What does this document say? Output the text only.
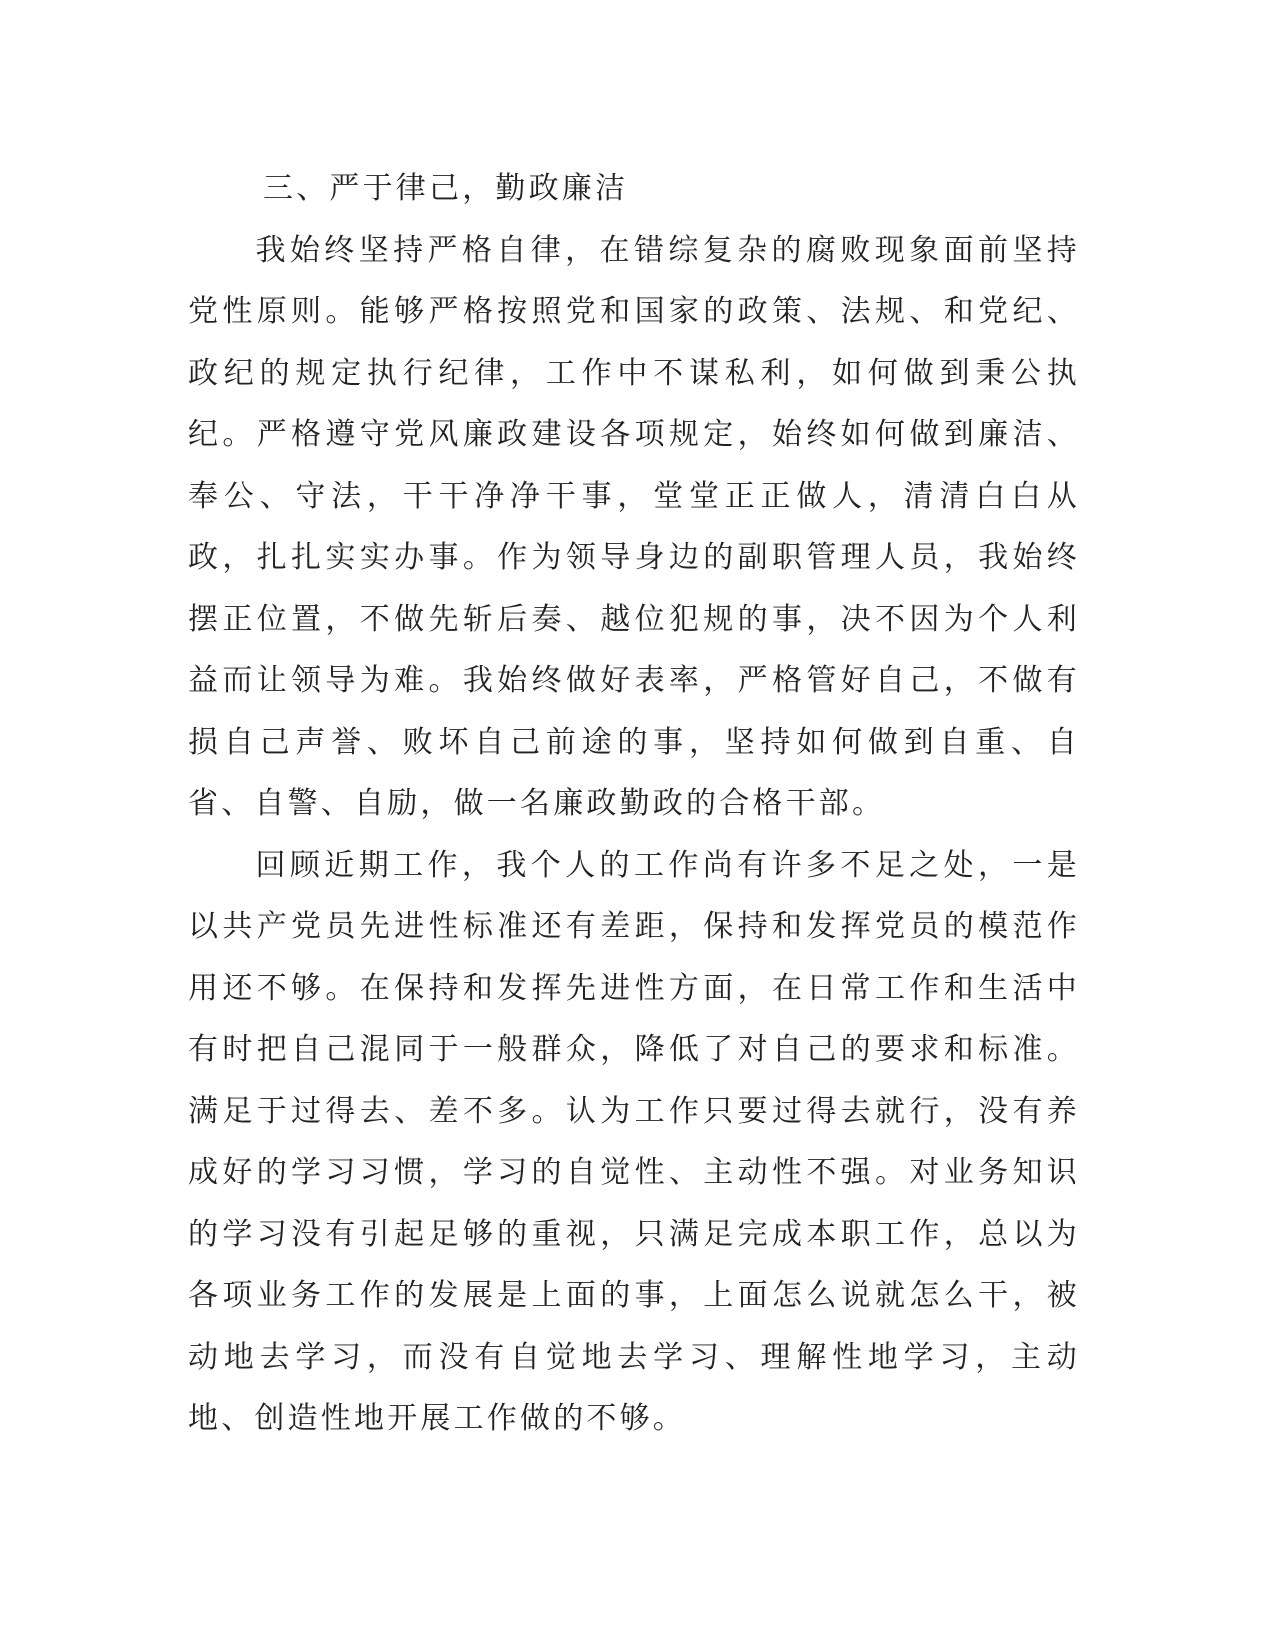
三、严于律己，勤政廉洁

我始终坚持严格自律，在错综复杂的腐败现象面前坚持党性原则。能够严格按照党和国家的政策、法规、和党纪、政纪的规定执行纪律，工作中不谋私利，如何做到秉公执纪。严格遵守党风廉政建设各项规定，始终如何做到廉洁、奉公、守法，干干净净干事，堂堂正正做人，清清白白从政，扎扎实实办事。作为领导身边的副职管理人员，我始终摆正位置，不做先斩后奏、越位犯规的事，决不因为个人利益而让领导为难。我始终做好表率，严格管好自己，不做有损自己声誉、败坏自己前途的事，坚持如何做到自重、自省、自警、自励，做一名廉政勤政的合格干部。

回顾近期工作，我个人的工作尚有许多不足之处，一是以共产党员先进性标准还有差距，保持和发挥党员的模范作用还不够。在保持和发挥先进性方面，在日常工作和生活中有时把自己混同于一般群众，降低了对自己的要求和标准。满足于过得去、差不多。认为工作只要过得去就行，没有养成好的学习习惯，学习的自觉性、主动性不强。对业务知识的学习没有引起足够的重视，只满足完成本职工作，总以为各项业务工作的发展是上面的事，上面怎么说就怎么干，被动地去学习，而没有自觉地去学习、理解性地学习，主动地、创造性地开展工作做的不够。
